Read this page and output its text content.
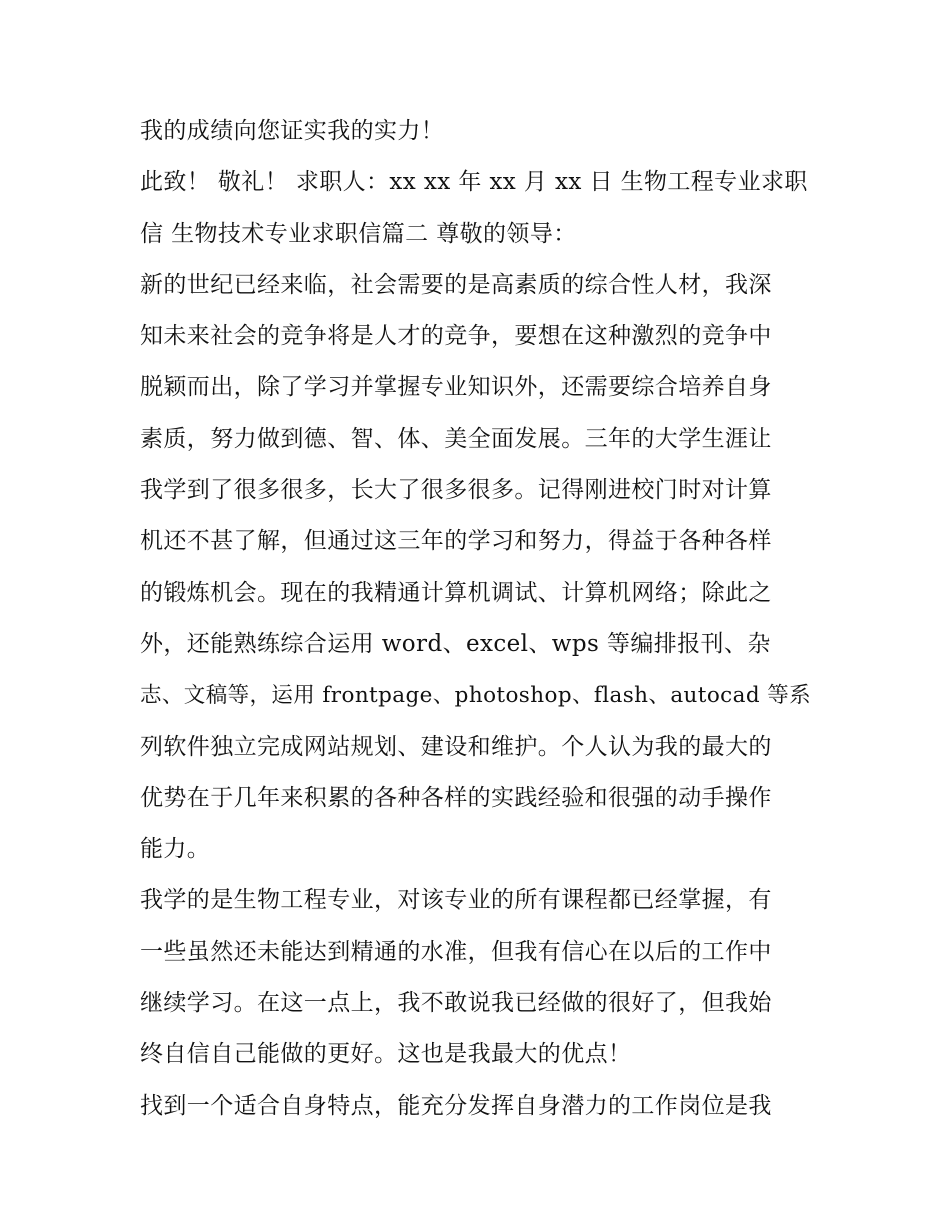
我的成绩向您证实我的实力！

此致！ 敬礼！ 求职人：xx xx 年 xx 月 xx 日 生物工程专业求职
信 生物技术专业求职信篇二 尊敬的领导：

新的世纪已经来临，社会需要的是高素质的综合性人材，我深
知未来社会的竞争将是人才的竞争，要想在这种激烈的竞争中
脱颖而出，除了学习并掌握专业知识外，还需要综合培养自身
素质，努力做到德、智、体、美全面发展。三年的大学生涯让
我学到了很多很多，长大了很多很多。记得刚进校门时对计算
机还不甚了解，但通过这三年的学习和努力，得益于各种各样
的锻炼机会。现在的我精通计算机调试、计算机网络；除此之
外，还能熟练综合运用 word、excel、wps 等编排报刊、杂
志、文稿等，运用 frontpage、photoshop、flash、autocad 等系
列软件独立完成网站规划、建设和维护。个人认为我的最大的
优势在于几年来积累的各种各样的实践经验和很强的动手操作
能力。

我学的是生物工程专业，对该专业的所有课程都已经掌握，有
一些虽然还未能达到精通的水准，但我有信心在以后的工作中
继续学习。在这一点上，我不敢说我已经做的很好了，但我始
终自信自己能做的更好。这也是我最大的优点！

找到一个适合自身特点，能充分发挥自身潜力的工作岗位是我
